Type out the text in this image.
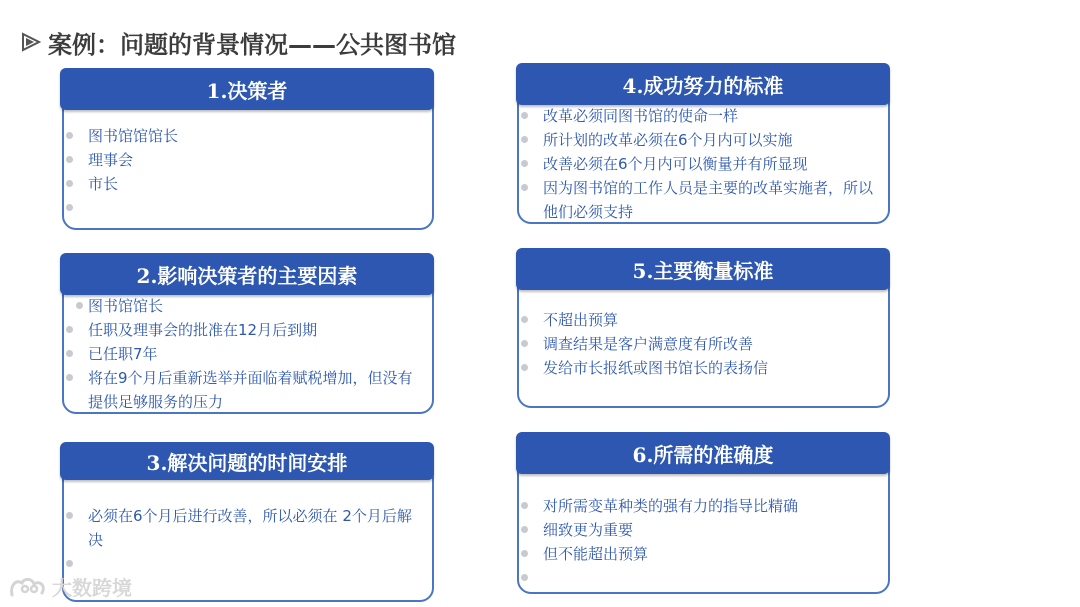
案例：问题的背景情况——公共图书馆
图书馆馆馆长
理事会
市长
1.决策者
图书馆馆长
任职及理事会的批准在12月后到期
已任职7年
将在9个月后重新选举并面临着赋税增加，但没有提供足够服务的压力
2.影响决策者的主要因素
必须在6个月后进行改善，所以必须在 2个月后解决
3.解决问题的时间安排
改革必须同图书馆的使命一样
所计划的改革必须在6个月内可以实施
改善必须在6个月内可以衡量并有所显现
因为图书馆的工作人员是主要的改革实施者，所以他们必须支持
4.成功努力的标准
不超出预算
调查结果是客户满意度有所改善
发给市长报纸或图书馆长的表扬信
5.主要衡量标准
对所需变革种类的强有力的指导比精确
细致更为重要
但不能超出预算
6.所需的准确度
大数跨境
